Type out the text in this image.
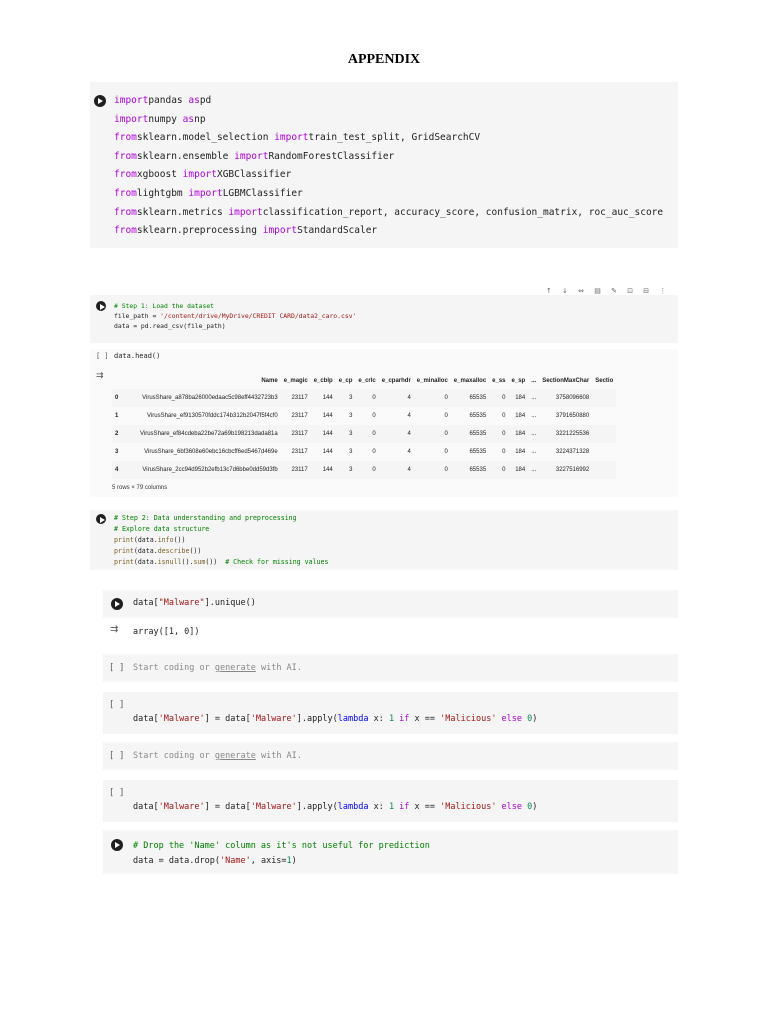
APPENDIX
importpandas aspd
importnumpy asnp
fromsklearn.model_selection importtrain_test_split, GridSearchCV
fromsklearn.ensemble importRandomForestClassifier
fromxgboost importXGBClassifier
fromlightgbm importLGBMClassifier
fromsklearn.metrics importclassification_report, accuracy_score, confusion_matrix, roc_auc_score
fromsklearn.preprocessing importStandardScaler
↑ ↓ ⇔ ▤ ✎ ⊡ ⊟ ⋮
# Step 1: Load the dataset
file_path = '/content/drive/MyDrive/CREDIT CARD/data2_caro.csv'
data = pd.read_csv(file_path)
[ ] data.head()
⇉
		Name	e_magic	e_cblp	e_cp	e_crlc	e_cparhdr	e_minalloc	e_maxalloc	e_ss	e_sp	...	SectionMaxChar	Sectio
0	VirusShare_a878ba26000edaac5c98eff4432723b3	23117	144	3	0	4	0	65535	0	184	...	3758096608	
1	VirusShare_ef9130570fddc174b312b2047f5f4cf0	23117	144	3	0	4	0	65535	0	184	...	3791650880	
2	VirusShare_ef84cdeba22be72a69b198213dada81a	23117	144	3	0	4	0	65535	0	184	...	3221225536	
3	VirusShare_6bf3608e60ebc16cbcff6ed5467d469e	23117	144	3	0	4	0	65535	0	184	...	3224371328	
4	VirusShare_2cc94d952b2efb13c7d6bbe0dd59d3fb	23117	144	3	0	4	0	65535	0	184	...	3227516992	
5 rows × 79 columns
# Step 2: Data understanding and preprocessing
# Explore data structure
print(data.info())
print(data.describe())
print(data.isnull().sum())  # Check for missing values
data["Malware"].unique()
⇉ array([1, 0])
[ ] Start coding or generate with AI.
[ ]
data['Malware'] = data['Malware'].apply(lambda x: 1 if x == 'Malicious' else 0)
[ ] Start coding or generate with AI.
[ ]
data['Malware'] = data['Malware'].apply(lambda x: 1 if x == 'Malicious' else 0)
# Drop the 'Name' column as it's not useful for prediction
data = data.drop('Name', axis=1)
